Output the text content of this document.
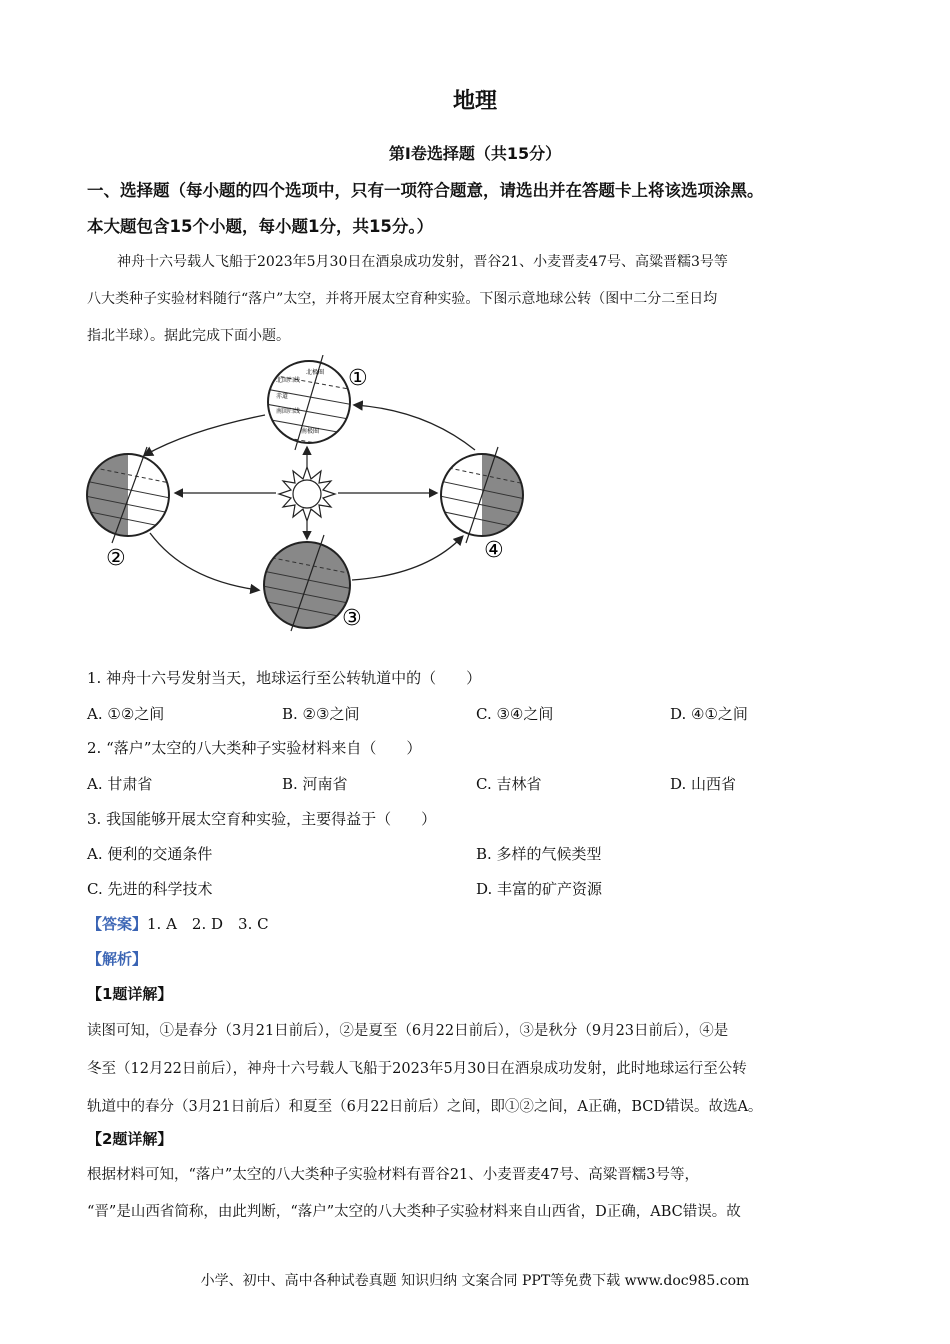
地理
第Ⅰ卷选择题（共15分）
一、选择题（每小题的四个选项中，只有一项符合题意，请选出并在答题卡上将该选项涂黑。
本大题包含15个小题，每小题1分，共15分。）
神舟十六号载人飞船于2023年5月30日在酒泉成功发射，晋谷21、小麦晋麦47号、高粱晋糯3号等
八大类种子实验材料随行“落户”太空，并将开展太空育种实验。下图示意地球公转（图中二分二至日均
指北半球）。据此完成下面小题。
北极圈
北回归线
赤道
南回归线
南极圈
①
②
③
④
1. 神舟十六号发射当天，地球运行至公转轨道中的（　　）
A. ①②之间	B. ②③之间	C. ③④之间	D. ④①之间
2. “落户”太空的八大类种子实验材料来自（　　）
A. 甘肃省	B. 河南省	C. 吉林省	D. 山西省
3. 我国能够开展太空育种实验，主要得益于（　　）
A. 便利的交通条件	B. 多样的气候类型
C. 先进的科学技术	D. 丰富的矿产资源
【答案】1. A　2. D　3. C
【解析】
【1题详解】
读图可知，①是春分（3月21日前后），②是夏至（6月22日前后），③是秋分（9月23日前后），④是
冬至（12月22日前后），神舟十六号载人飞船于2023年5月30日在酒泉成功发射，此时地球运行至公转
轨道中的春分（3月21日前后）和夏至（6月22日前后）之间，即①②之间，A正确，BCD错误。故选A。
【2题详解】
根据材料可知，“落户”太空的八大类种子实验材料有晋谷21、小麦晋麦47号、高粱晋糯3号等，
“晋”是山西省简称，由此判断，“落户”太空的八大类种子实验材料来自山西省，D正确，ABC错误。故
小学、初中、高中各种试卷真题 知识归纳 文案合同 PPT等免费下载 www.doc985.com
